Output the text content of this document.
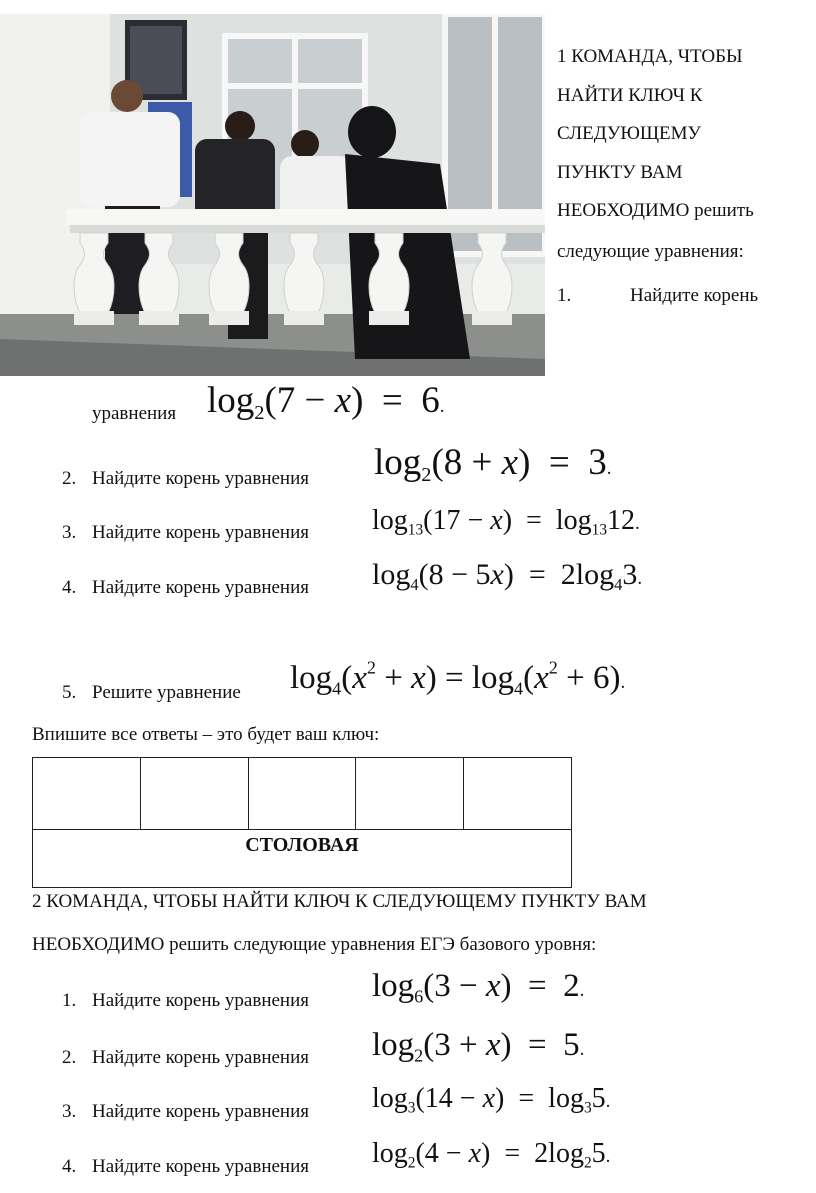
1 КОМАНДА, ЧТОБЫ
НАЙТИ КЛЮЧ К
СЛЕДУЮЩЕМУ
ПУНКТУ ВАМ
НЕОБХОДИМО решить
следующие уравнения:
1.	Найдите корень
уравнения $\log_2(7 - x) = 6$.
2. Найдите корень уравнения $\log_2(8 + x) = 3$.
3. Найдите корень уравнения $\log_{13}(17 - x) = \log_{13}12$.
4. Найдите корень уравнения $\log_4(8 - 5x) = 2\log_43$.
5. Решите уравнение $\log_4(x^2 + x) = \log_4(x^2 + 6)$.
Впишите все ответы – это будет ваш ключ:

СТОЛОВАЯ
2 КОМАНДА, ЧТОБЫ НАЙТИ КЛЮЧ К СЛЕДУЮЩЕМУ ПУНКТУ ВАМ
НЕОБХОДИМО решить следующие уравнения ЕГЭ базового уровня:
1. Найдите корень уравнения $\log_6(3 - x) = 2$.
2. Найдите корень уравнения $\log_2(3 + x) = 5$.
3. Найдите корень уравнения $\log_3(14 - x) = \log_35$.
4. Найдите корень уравнения $\log_2(4 - x) = 2\log_25$.
